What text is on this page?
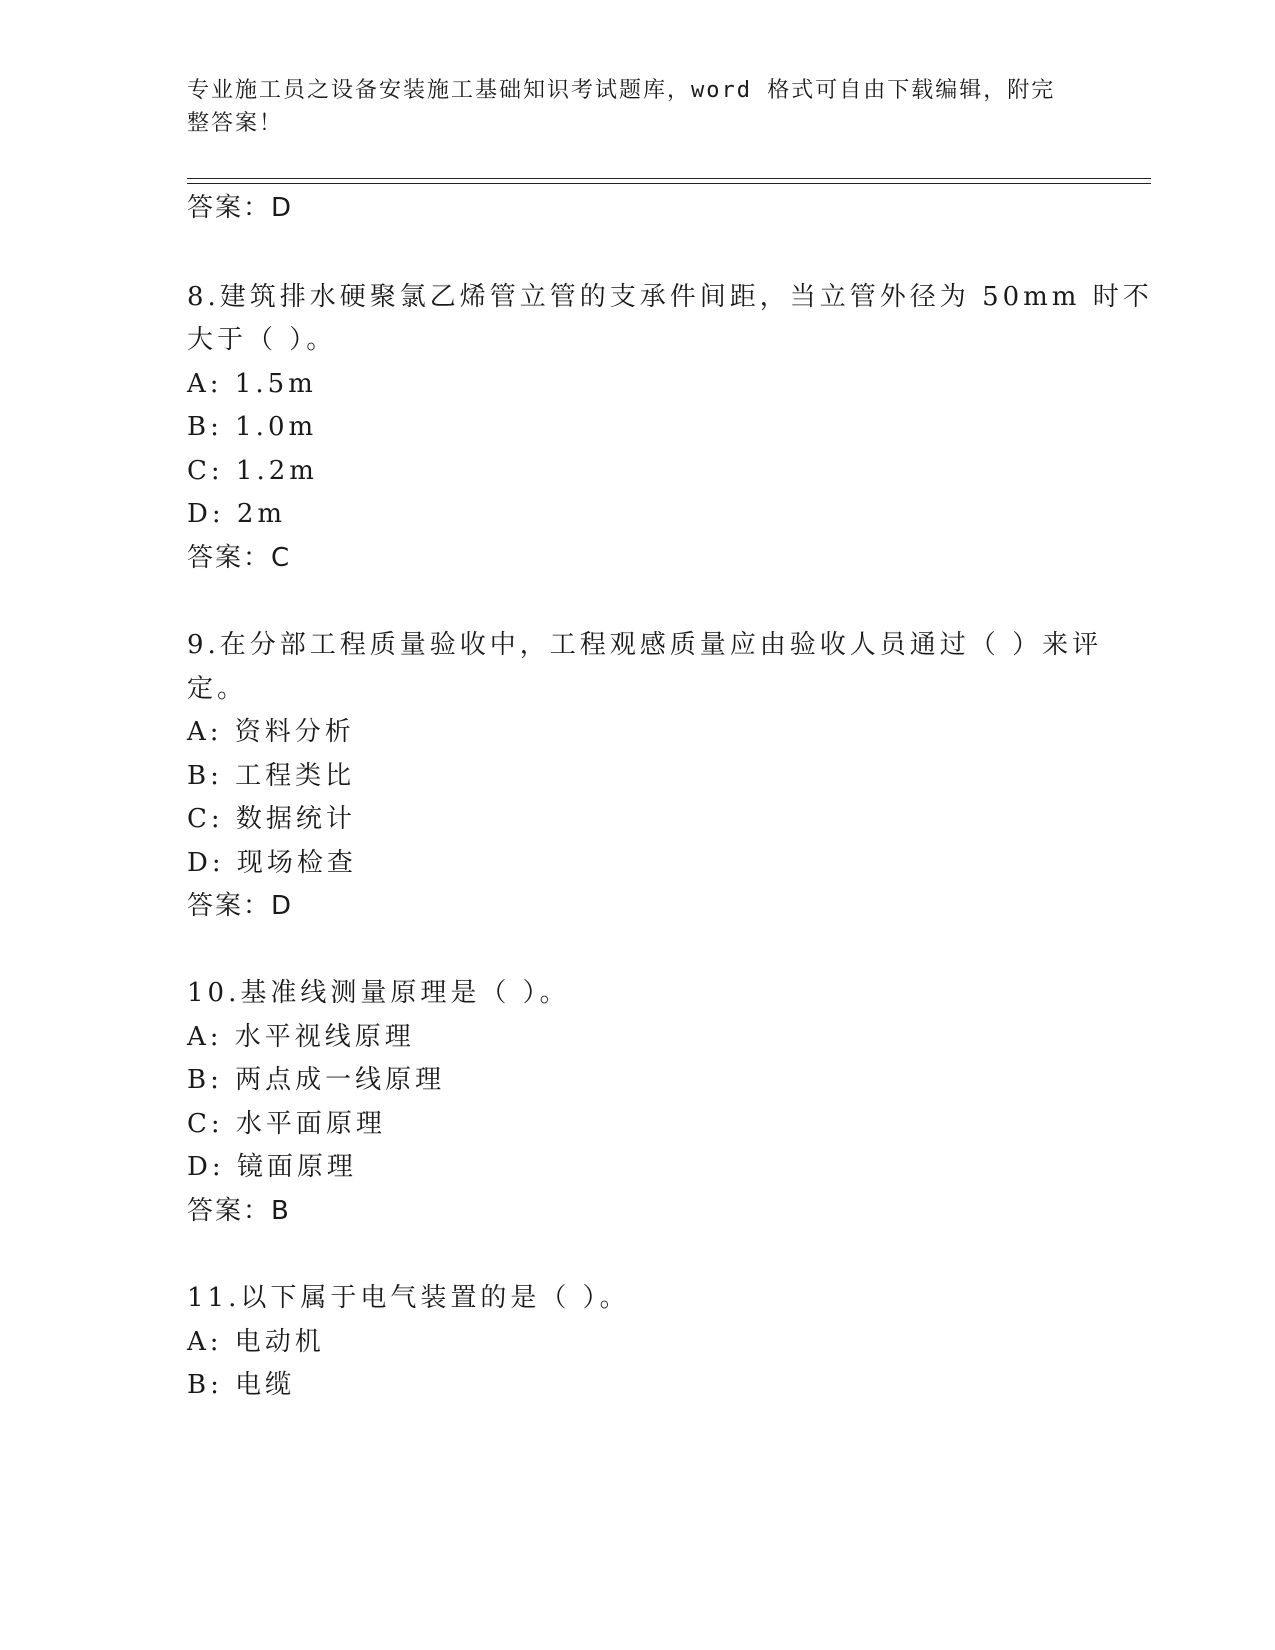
专业施工员之设备安装施工基础知识考试题库，word 格式可自由下载编辑，附完
整答案！
答案：D
8.建筑排水硬聚氯乙烯管立管的支承件间距，当立管外径为 50mm 时不
大于（ ）。
A: 1.5m
B: 1.0m
C: 1.2m
D: 2m
答案：C
9.在分部工程质量验收中，工程观感质量应由验收人员通过（ ）来评
定。
A: 资料分析
B: 工程类比
C: 数据统计
D: 现场检查
答案：D
10.基准线测量原理是（ ）。
A: 水平视线原理
B: 两点成一线原理
C: 水平面原理
D: 镜面原理
答案：B
11.以下属于电气装置的是（ ）。
A: 电动机
B: 电缆
